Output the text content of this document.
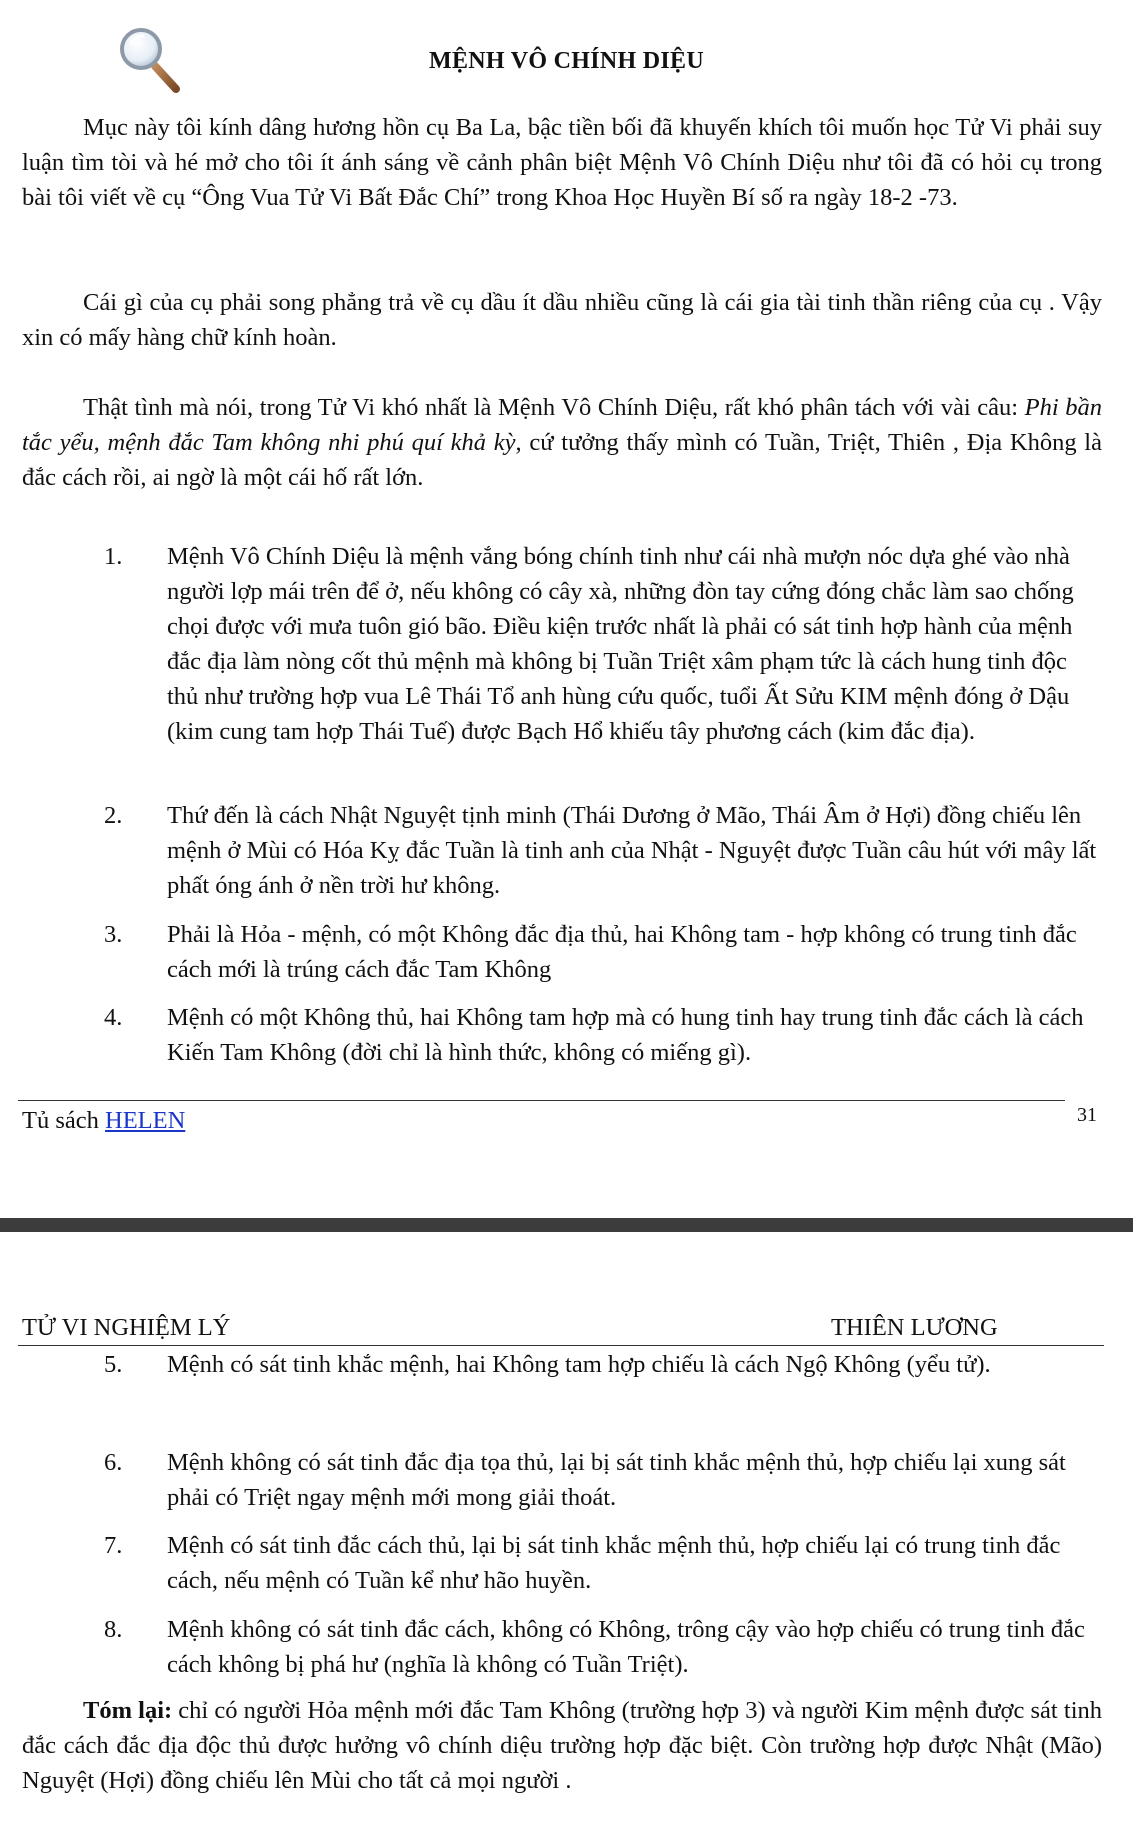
MỆNH VÔ CHÍNH DIỆU

Mục này tôi kính dâng hương hồn cụ Ba La, bậc tiền bối đã khuyến khích tôi muốn học Tử Vi phải suy luận tìm tòi và hé mở cho tôi ít ánh sáng về cảnh phân biệt Mệnh Vô Chính Diệu như tôi đã có hỏi cụ trong bài tôi viết về cụ “Ông Vua Tử Vi Bất Đắc Chí” trong Khoa Học Huyền Bí số ra ngày 18-2 -73.

Cái gì của cụ phải song phẳng trả về cụ dầu ít dầu nhiều cũng là cái gia tài tinh thần riêng của cụ . Vậy xin có mấy hàng chữ kính hoàn.

Thật tình mà nói, trong Tử Vi khó nhất là Mệnh Vô Chính Diệu, rất khó phân tách với vài câu: Phi bần tắc yểu, mệnh đắc Tam không nhi phú quí khả kỳ, cứ tưởng thấy mình có Tuần, Triệt, Thiên , Địa Không là đắc cách rồi, ai ngờ là một cái hố rất lớn.

1. Mệnh Vô Chính Diệu là mệnh vắng bóng chính tinh như cái nhà mượn nóc dựa ghé vào nhà người lợp mái trên để ở, nếu không có cây xà, những đòn tay cứng đóng chắc làm sao chống chọi được với mưa tuôn gió bão. Điều kiện trước nhất là phải có sát tinh hợp hành của mệnh đắc địa làm nòng cốt thủ mệnh mà không bị Tuần Triệt xâm phạm tức là cách hung tinh độc thủ như trường hợp vua Lê Thái Tổ anh hùng cứu quốc, tuổi Ất Sửu KIM mệnh đóng ở Dậu (kim cung tam hợp Thái Tuế) được Bạch Hổ khiếu tây phương cách (kim đắc địa).

2. Thứ đến là cách Nhật Nguyệt tịnh minh (Thái Dương ở Mão, Thái Âm ở Hợi) đồng chiếu lên mệnh ở Mùi có Hóa Kỵ đắc Tuần là tinh anh của Nhật - Nguyệt được Tuần câu hút với mây lất phất óng ánh ở nền trời hư không.

3. Phải là Hỏa - mệnh, có một Không đắc địa thủ, hai Không tam - hợp không có trung tinh đắc cách mới là trúng cách đắc Tam Không

4. Mệnh có một Không thủ, hai Không tam hợp mà có hung tinh hay trung tinh đắc cách là cách Kiến Tam Không (đời chỉ là hình thức, không có miếng gì).

Tủ sách HELEN	31
TỬ VI NGHIỆM LÝ	THIÊN LƯƠNG
5. Mệnh có sát tinh khắc mệnh, hai Không tam hợp chiếu là cách Ngộ Không (yểu tử).

6. Mệnh không có sát tinh đắc địa tọa thủ, lại bị sát tinh khắc mệnh thủ, hợp chiếu lại xung sát phải có Triệt ngay mệnh mới mong giải thoát.

7. Mệnh có sát tinh đắc cách thủ, lại bị sát tinh khắc mệnh thủ, hợp chiếu lại có trung tinh đắc cách, nếu mệnh có Tuần kể như hão huyền.

8. Mệnh không có sát tinh đắc cách, không có Không, trông cậy vào hợp chiếu có trung tinh đắc cách không bị phá hư (nghĩa là không có Tuần Triệt).

Tóm lại: chỉ có người Hỏa mệnh mới đắc Tam Không (trường hợp 3) và người Kim mệnh được sát tinh đắc cách đắc địa độc thủ được hưởng vô chính diệu trường hợp đặc biệt. Còn trường hợp được Nhật (Mão) Nguyệt (Hợi) đồng chiếu lên Mùi cho tất cả mọi người .
